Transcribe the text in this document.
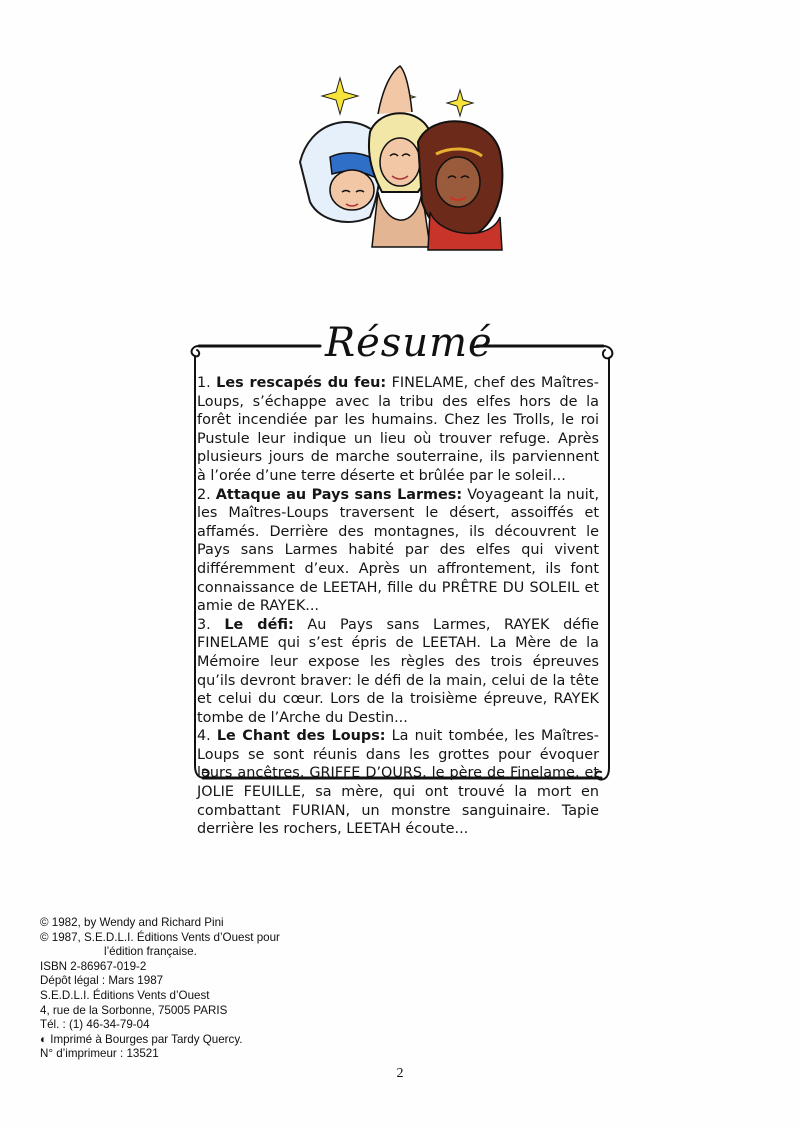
Résumé

1. Les rescapés du feu: FINELAME, chef des Maîtres-Loups, s’échappe avec la tribu des elfes hors de la forêt incendiée par les humains. Chez les Trolls, le roi Pustule leur indique un lieu où trouver refuge. Après plusieurs jours de marche souterraine, ils parviennent à l’orée d’une terre déserte et brûlée par le soleil...

2. Attaque au Pays sans Larmes: Voyageant la nuit, les Maîtres-Loups traversent le désert, assoiffés et affamés. Derrière des montagnes, ils découvrent le Pays sans Larmes habité par des elfes qui vivent différemment d’eux. Après un affrontement, ils font connaissance de LEETAH, fille du PRÊTRE DU SOLEIL et amie de RAYEK...

3. Le défi: Au Pays sans Larmes, RAYEK défie FINELAME qui s’est épris de LEETAH. La Mère de la Mémoire leur expose les règles des trois épreuves qu’ils devront braver: le défi de la main, celui de la tête et celui du cœur. Lors de la troisième épreuve, RAYEK tombe de l’Arche du Destin...

4. Le Chant des Loups: La nuit tombée, les Maîtres-Loups se sont réunis dans les grottes pour évoquer leurs ancêtres, GRIFFE D’OURS, le père de Finelame, et JOLIE FEUILLE, sa mère, qui ont trouvé la mort en combattant FURIAN, un monstre sanguinaire. Tapie derrière les rochers, LEETAH écoute...

© 1982, by Wendy and Richard Pini
© 1987, S.E.D.L.I. Éditions Vents d’Ouest pour
l’édition française.
ISBN 2-86967-019-2
Dépôt légal : Mars 1987
S.E.D.L.I. Éditions Vents d’Ouest
4, rue de la Sorbonne, 75005 PARIS
Tél. : (1) 46-34-79-04
◐ Imprimé à Bourges par Tardy Quercy.
N° d’imprimeur : 13521
2
